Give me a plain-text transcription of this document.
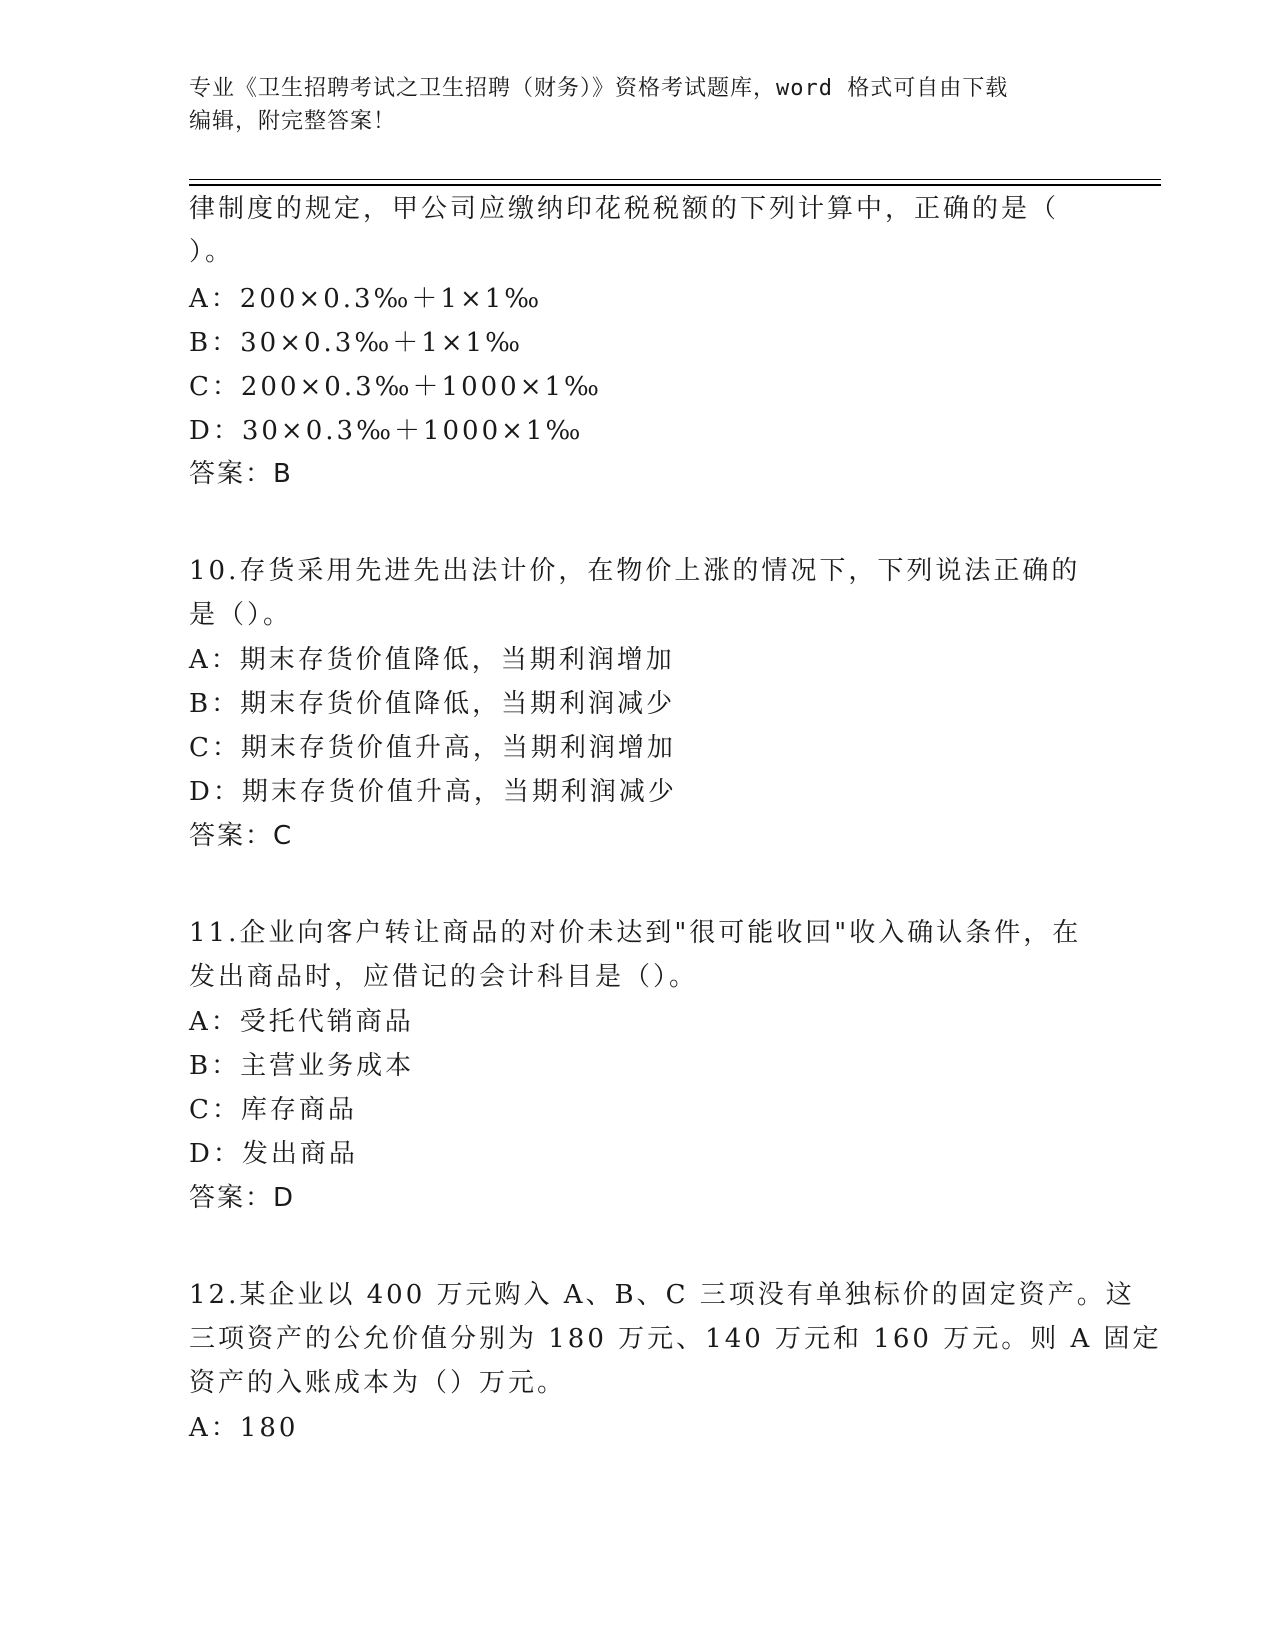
专业《卫生招聘考试之卫生招聘（财务）》资格考试题库，word 格式可自由下载
编辑，附完整答案！
律制度的规定，甲公司应缴纳印花税税额的下列计算中，正确的是（
）。
A：200×0.3‰＋1×1‰
B：30×0.3‰＋1×1‰
C：200×0.3‰＋1000×1‰
D：30×0.3‰＋1000×1‰
答案：B
10.存货采用先进先出法计价，在物价上涨的情况下，下列说法正确的
是（）。
A：期末存货价值降低，当期利润增加
B：期末存货价值降低，当期利润减少
C：期末存货价值升高，当期利润增加
D：期末存货价值升高，当期利润减少
答案：C
11.企业向客户转让商品的对价未达到"很可能收回"收入确认条件，在
发出商品时，应借记的会计科目是（）。
A：受托代销商品
B：主营业务成本
C：库存商品
D：发出商品
答案：D
12.某企业以 400 万元购入 A、B、C 三项没有单独标价的固定资产。这
三项资产的公允价值分别为 180 万元、140 万元和 160 万元。则 A 固定
资产的入账成本为（）万元。
A：180
